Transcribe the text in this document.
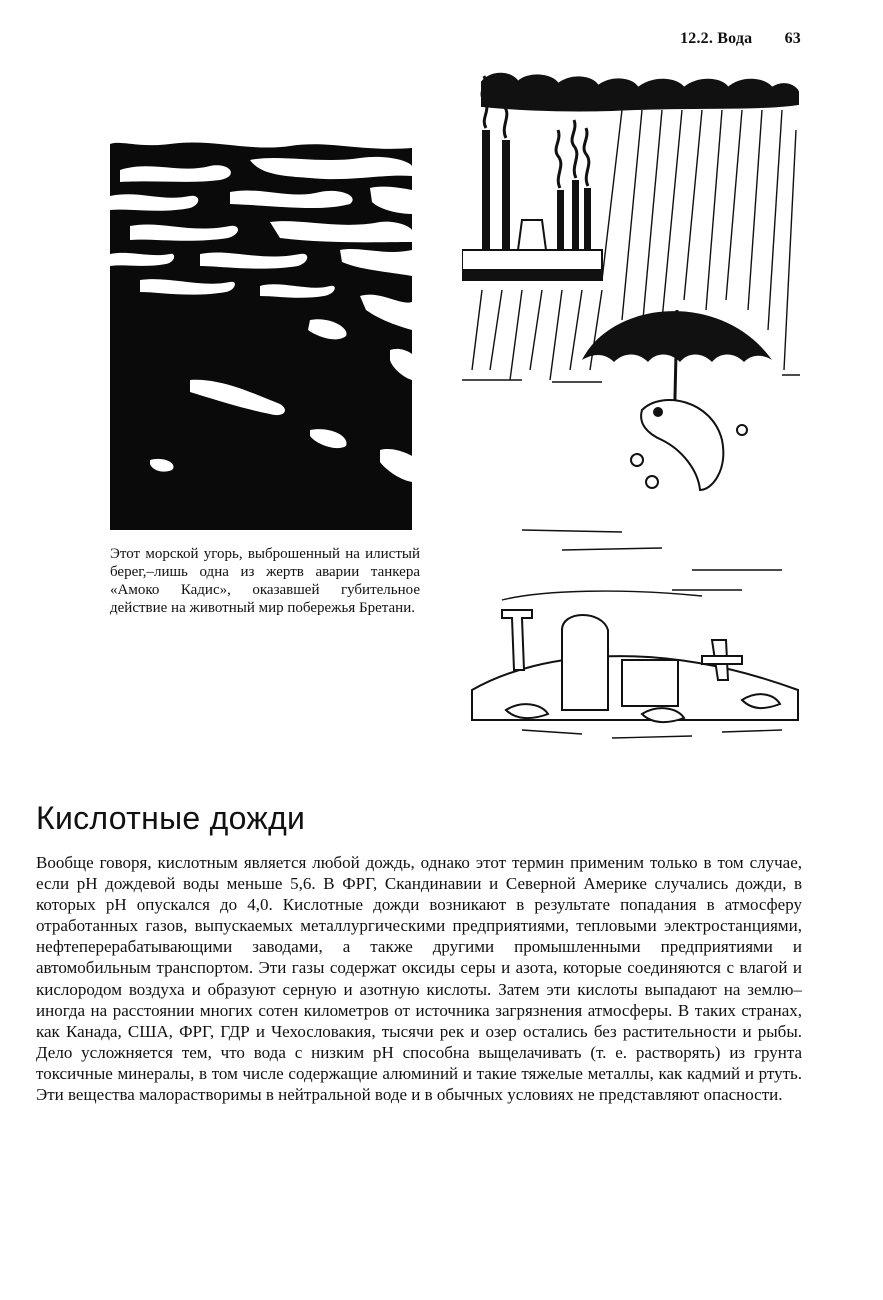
12.2. Вода 63
Этот морской угорь, выброшенный на илистый берег,–лишь одна из жертв аварии танкера «Амоко Кадис», оказавшей губительное действие на животный мир побережья Бретани.
Кислотные дожди
Вообще говоря, кислотным является любой дождь, однако этот термин применим только в том случае, если pH дождевой воды меньше 5,6. В ФРГ, Скандинавии и Северной Америке случались дожди, в которых pH опускался до 4,0. Кислотные дожди возникают в результате попадания в атмосферу отработанных газов, выпускаемых металлургическими предприятиями, тепловыми электростанциями, нефтеперерабатывающими заводами, а также другими промышленными предприятиями и автомобильным транспортом. Эти газы содержат оксиды серы и азота, которые соединяются с влагой и кислородом воздуха и образуют серную и азотную кислоты. Затем эти кислоты выпадают на землю–иногда на расстоянии многих сотен километров от источника загрязнения атмосферы. В таких странах, как Канада, США, ФРГ, ГДР и Чехословакия, тысячи рек и озер остались без растительности и рыбы. Дело усложняется тем, что вода с низким pH способна выщелачивать (т. е. растворять) из грунта токсичные минералы, в том числе содержащие алюминий и такие тяжелые металлы, как кадмий и ртуть. Эти вещества малорастворимы в нейтральной воде и в обычных условиях не представляют опасности.
